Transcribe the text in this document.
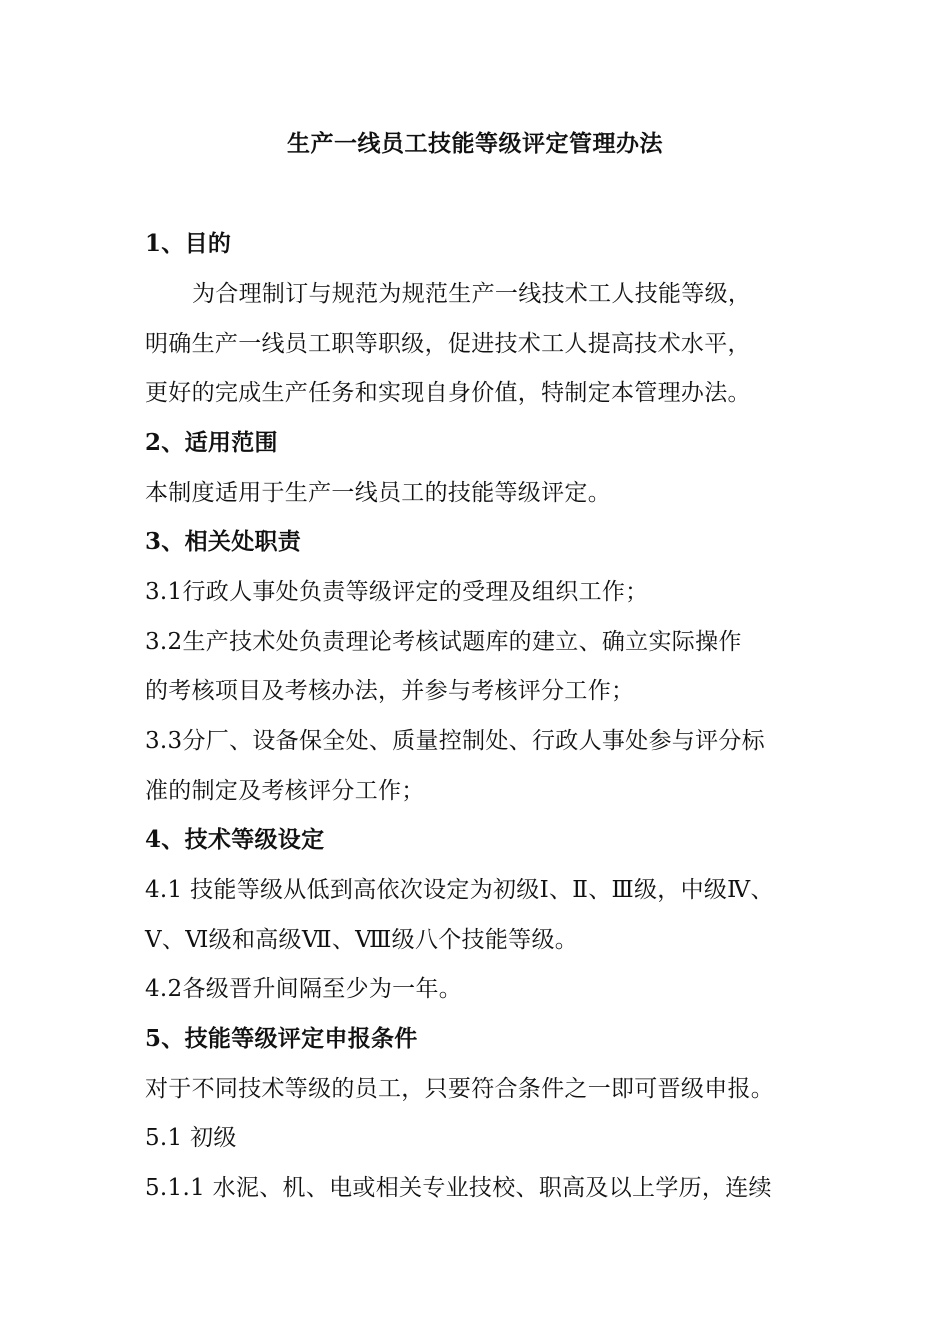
生产一线员工技能等级评定管理办法
1、目的
为合理制订与规范为规范生产一线技术工人技能等级，
明确生产一线员工职等职级，促进技术工人提高技术水平，
更好的完成生产任务和实现自身价值，特制定本管理办法。
2、适用范围
本制度适用于生产一线员工的技能等级评定。
3、相关处职责
3.1行政人事处负责等级评定的受理及组织工作；
3.2生产技术处负责理论考核试题库的建立、确立实际操作
的考核项目及考核办法，并参与考核评分工作；
3.3分厂、设备保全处、质量控制处、行政人事处参与评分标
准的制定及考核评分工作；
4、技术等级设定
4.1 技能等级从低到高依次设定为初级Ⅰ、Ⅱ、Ⅲ级，中级Ⅳ、
Ⅴ、Ⅵ级和高级Ⅶ、Ⅷ级八个技能等级。
4.2各级晋升间隔至少为一年。
5、技能等级评定申报条件
对于不同技术等级的员工，只要符合条件之一即可晋级申报。
5.1 初级
5.1.1 水泥、机、电或相关专业技校、职高及以上学历，连续
